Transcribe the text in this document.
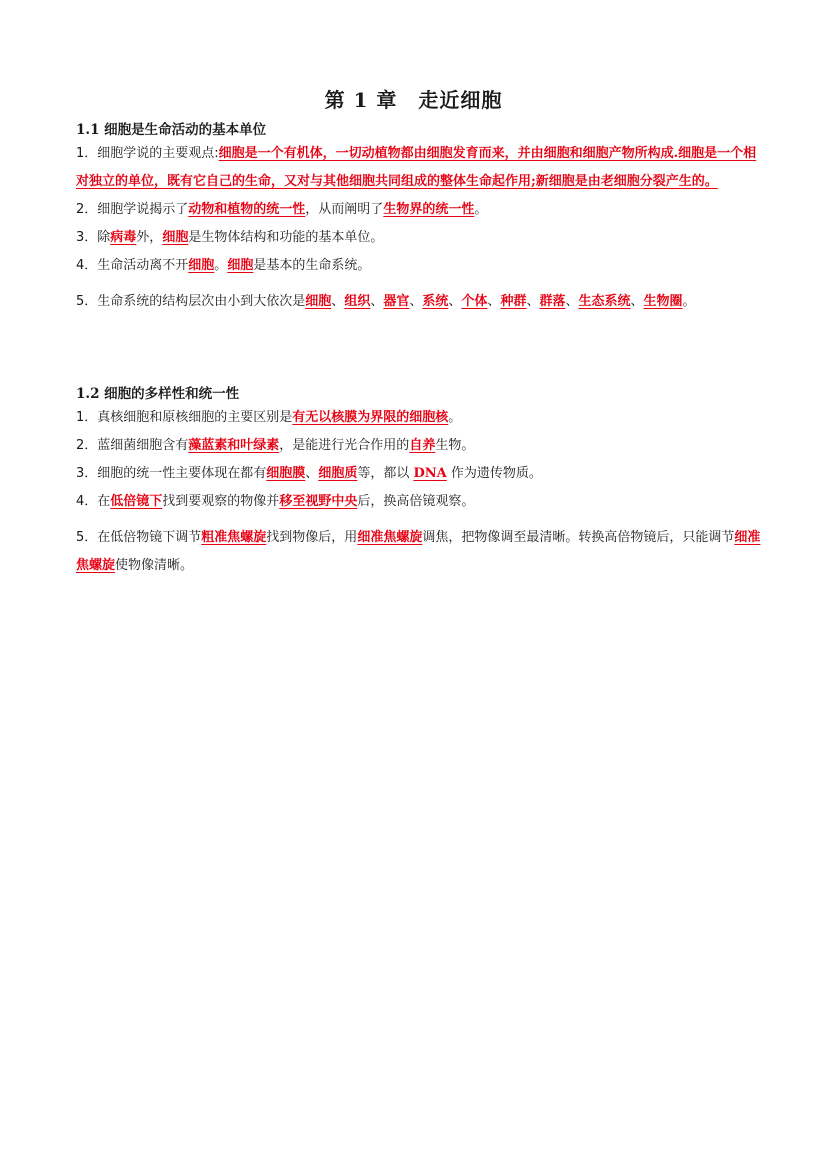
第 1 章　走近细胞
1.1 细胞是生命活动的基本单位
1．细胞学说的主要观点:细胞是一个有机体，一切动植物都由细胞发育而来，并由细胞和细胞产物所构成.细胞是一个相对独立的单位，既有它自己的生命，又对与其他细胞共同组成的整体生命起作用;新细胞是由老细胞分裂产生的。
2．细胞学说揭示了动物和植物的统一性，从而阐明了生物界的统一性。
3．除病毒外，细胞是生物体结构和功能的基本单位。
4．生命活动离不开细胞。细胞是基本的生命系统。
5．生命系统的结构层次由小到大依次是细胞、组织、器官、系统、个体、种群、群落、生态系统、生物圈。
1.2 细胞的多样性和统一性
1．真核细胞和原核细胞的主要区别是有无以核膜为界限的细胞核。
2．蓝细菌细胞含有藻蓝素和叶绿素，是能进行光合作用的自养生物。
3．细胞的统一性主要体现在都有细胞膜、细胞质等，都以 DNA 作为遗传物质。
4．在低倍镜下找到要观察的物像并移至视野中央后，换高倍镜观察。
5．在低倍物镜下调节粗准焦螺旋找到物像后，用细准焦螺旋调焦，把物像调至最清晰。转换高倍物镜后，只能调节细准焦螺旋使物像清晰。
